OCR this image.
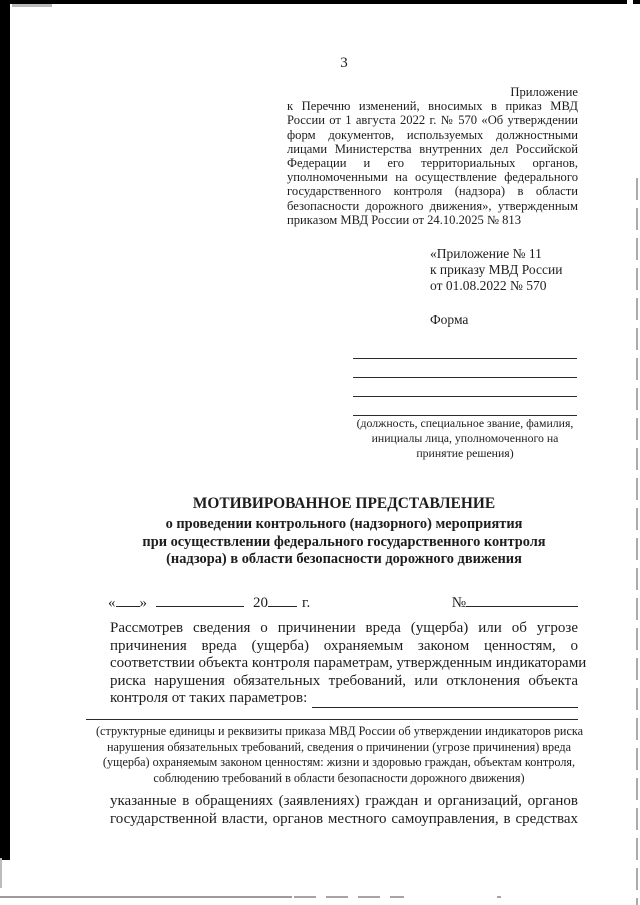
3
Приложение
к Перечню изменений, вносимых в приказ МВД
России от 1 августа 2022 г. № 570 «Об утверждении
форм документов, используемых должностными
лицами Министерства внутренних дел Российской
Федерации и его территориальных органов,
уполномоченными на осуществление федерального
государственного контроля (надзора) в области
безопасности дорожного движения», утвержденным
приказом МВД России от 24.10.2025 № 813
«Приложение № 11
к приказу МВД России
от 01.08.2022 № 570
Форма
(должность, специальное звание, фамилия,
инициалы лица, уполномоченного на
принятие решения)
МОТИВИРОВАННОЕ ПРЕДСТАВЛЕНИЕ
о проведении контрольного (надзорного) мероприятия
при осуществлении федерального государственного контроля
(надзора) в области безопасности дорожного движения
« »	20 г.	№
Рассмотрев сведения о причинении вреда (ущерба) или об угрозе
причинения вреда (ущерба) охраняемым законом ценностям, о
соответствии объекта контроля параметрам, утвержденным индикаторами
риска нарушения обязательных требований, или отклонения объекта
контроля от таких параметров:
(структурные единицы и реквизиты приказа МВД России об утверждении индикаторов риска
нарушения обязательных требований, сведения о причинении (угрозе причинения) вреда
(ущерба) охраняемым законом ценностям: жизни и здоровью граждан, объектам контроля,
соблюдению требований в области безопасности дорожного движения)
указанные в обращениях (заявлениях) граждан и организаций, органов
государственной власти, органов местного самоуправления, в средствах
